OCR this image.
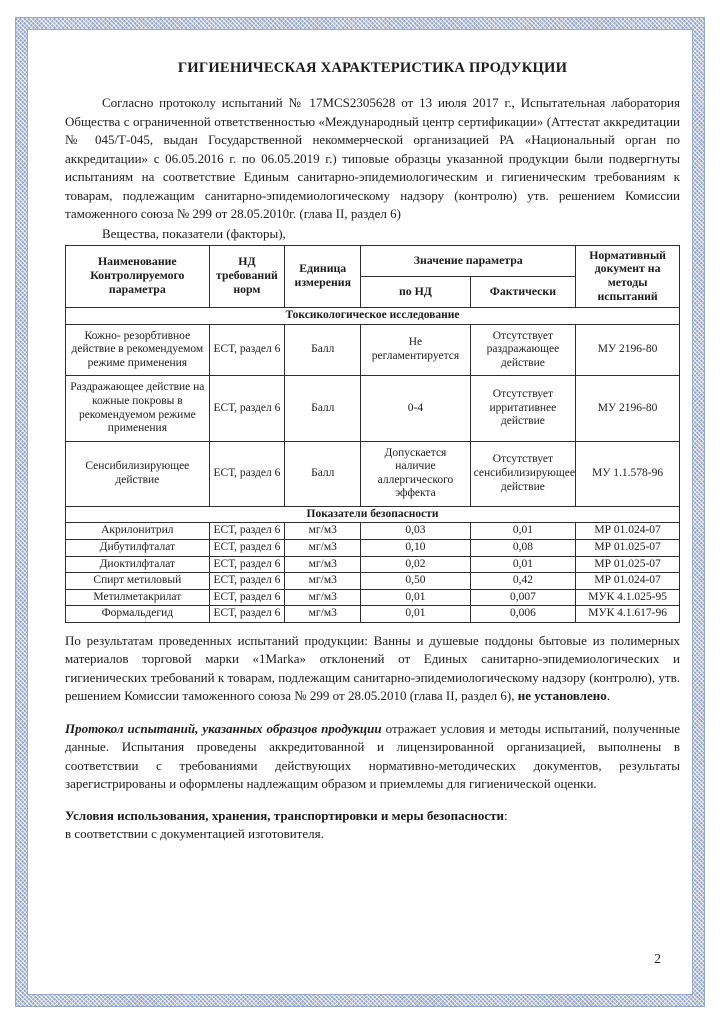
ГИГИЕНИЧЕСКАЯ ХАРАКТЕРИСТИКА ПРОДУКЦИИ

Согласно протоколу испытаний № 17MCS2305628 от 13 июля 2017 г., Испытательная лаборатория Общества с ограниченной ответственностью «Международный центр сертификации» (Аттестат аккредитации № 045/Т-045, выдан Государственной некоммерческой организацией РА «Национальный орган по аккредитации» с 06.05.2016 г. по 06.05.2019 г.) типовые образцы указанной продукции были подвергнуты испытаниям на соответствие Единым санитарно-эпидемиологическим и гигиеническим требованиям к товарам, подлежащим санитарно-эпидемиологическому надзору (контролю) утв. решением Комиссии таможенного союза № 299 от 28.05.2010г. (глава II, раздел 6)

Вещества, показатели (факторы),

Наименование Контролируемого параметра	НД требований норм	Единица измерения	Значение параметра		Нормативный документ на методы испытаний
			по НД	Фактически	
Токсикологическое исследование					
Кожно- резорбтивное действие в рекомендуемом режиме применения	ЕСТ, раздел 6	Балл	Не регламентируется	Отсутствует раздражающее действие	МУ 2196-80
Раздражающее действие на кожные покровы в рекомендуемом режиме применения	ЕСТ, раздел 6	Балл	0-4	Отсутствует ирритативнее действие	МУ 2196-80
Сенсибилизирующее действие	ЕСТ, раздел 6	Балл	Допускается наличие аллергического эффекта	Отсутствует сенсибилизирующее действие	МУ 1.1.578-96
Показатели безопасности					
Акрилонитрил	ЕСТ, раздел 6	мг/м3	0,03	0,01	МР 01.024-07
Дибутилфталат	ЕСТ, раздел 6	мг/м3	0,10	0,08	МР 01.025-07
Диоктилфталат	ЕСТ, раздел 6	мг/м3	0,02	0,01	МР 01.025-07
Спирт метиловый	ЕСТ, раздел 6	мг/м3	0,50	0,42	МР 01.024-07
Метилметакрилат	ЕСТ, раздел 6	мг/м3	0,01	0,007	МУК 4.1.025-95
Формальдегид	ЕСТ, раздел 6	мг/м3	0,01	0,006	МУК 4.1.617-96

По результатам проведенных испытаний продукции: Ванны и душевые поддоны бытовые из полимерных материалов торговой марки «1Marka» отклонений от Единых санитарно-эпидемиологических и гигиенических требований к товарам, подлежащим санитарно-эпидемиологическому надзору (контролю), утв. решением Комиссии таможенного союза № 299 от 28.05.2010 (глава II, раздел 6), не установлено.

Протокол испытаний, указанных образцов продукции отражает условия и методы испытаний, полученные данные. Испытания проведены аккредитованной и лицензированной организацией, выполнены в соответствии с требованиями действующих нормативно-методических документов, результаты зарегистрированы и оформлены надлежащим образом и приемлемы для гигиенической оценки.

Условия использования, хранения, транспортировки и меры безопасности:
в соответствии с документацией изготовителя.

2
